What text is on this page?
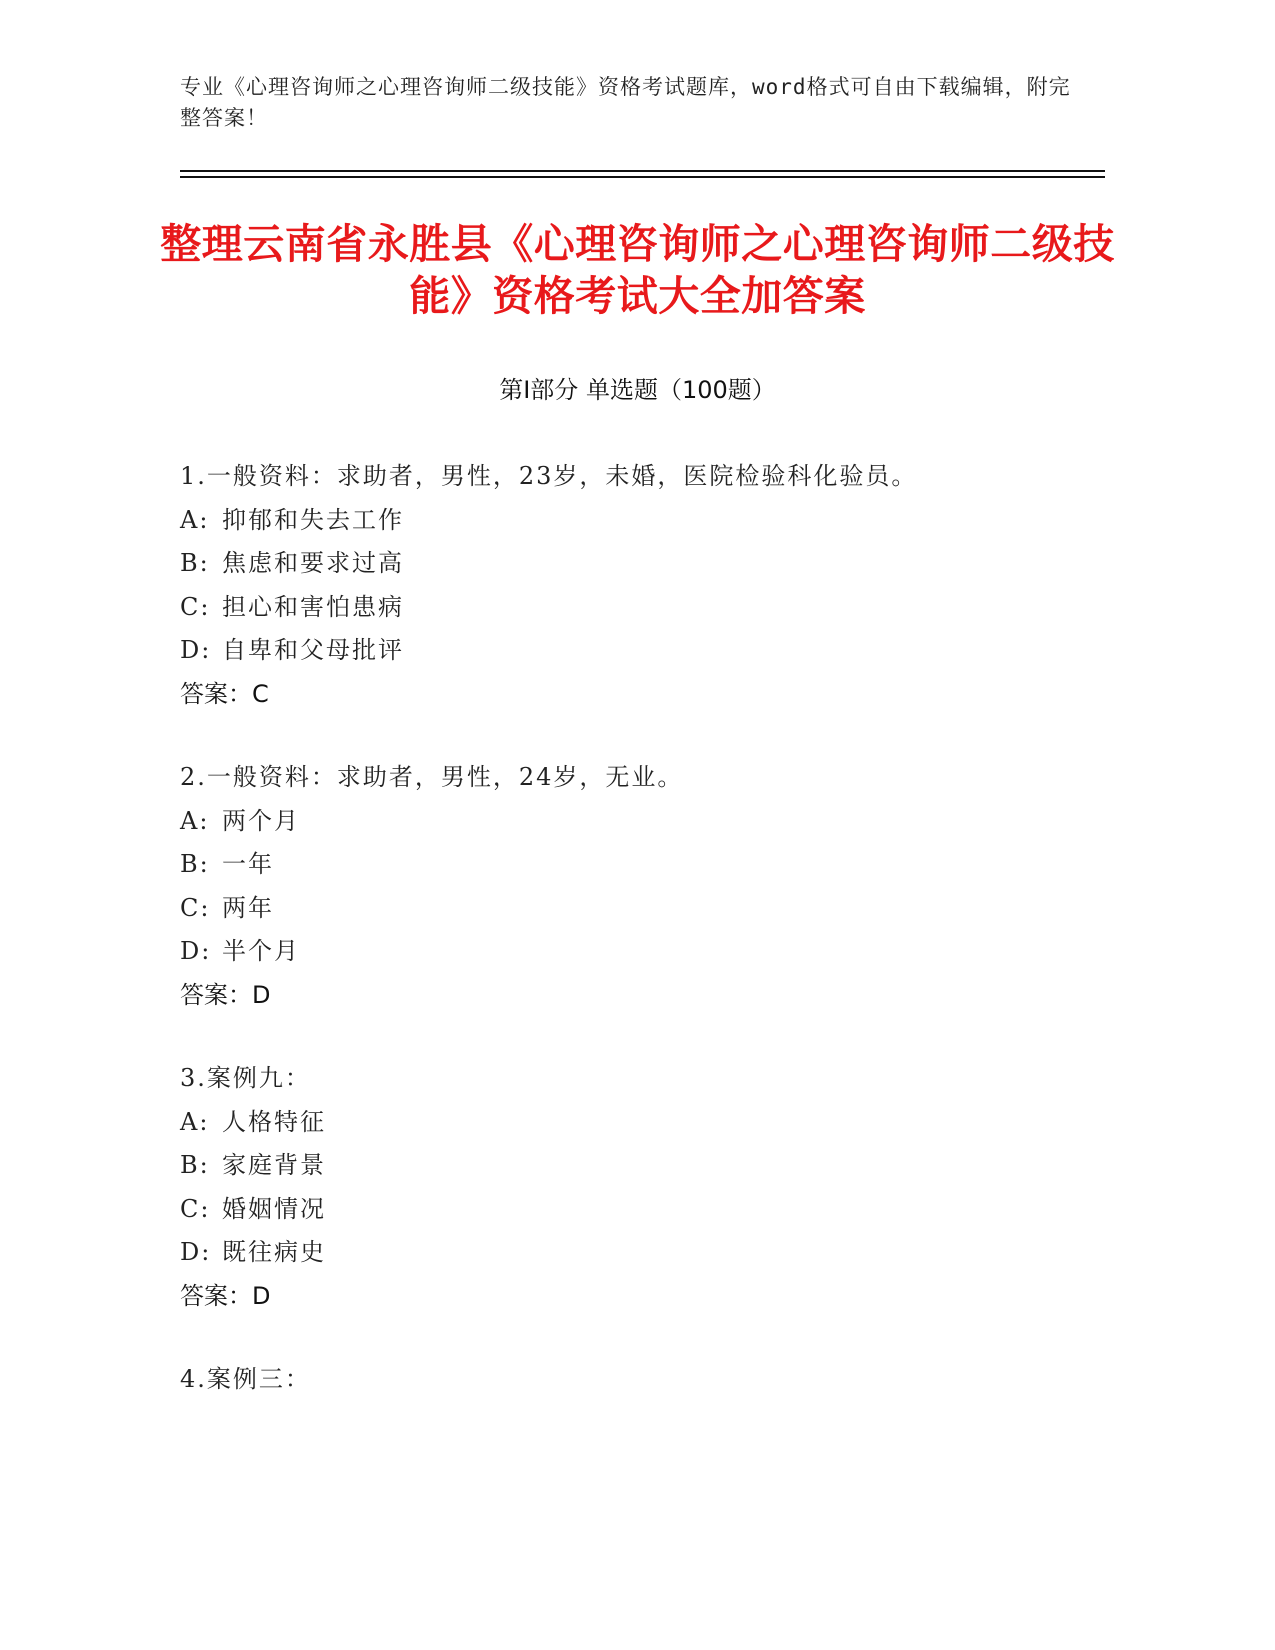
专业《心理咨询师之心理咨询师二级技能》资格考试题库，word格式可自由下载编辑，附完整答案！
整理云南省永胜县《心理咨询师之心理咨询师二级技能》资格考试大全加答案
第I部分 单选题（100题）
1.一般资料：求助者，男性，23岁，未婚，医院检验科化验员。
A: 抑郁和失去工作
B: 焦虑和要求过高
C: 担心和害怕患病
D: 自卑和父母批评
答案：C
2.一般资料：求助者，男性，24岁，无业。
A: 两个月
B: 一年
C: 两年
D: 半个月
答案：D
3.案例九：
A: 人格特征
B: 家庭背景
C: 婚姻情况
D: 既往病史
答案：D
4.案例三：
